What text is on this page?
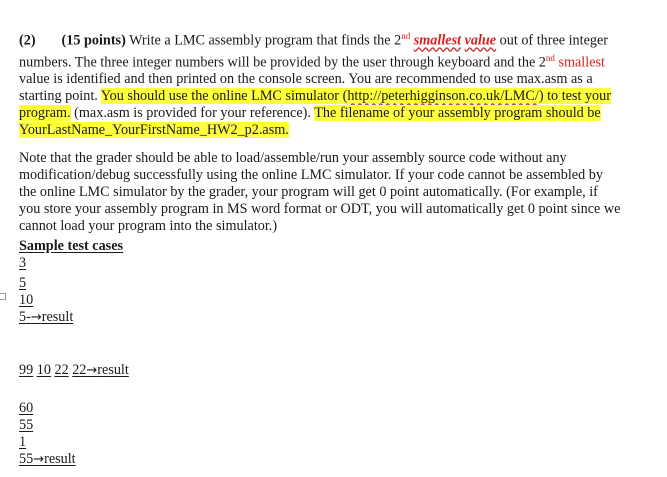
(2) (15 points) Write a LMC assembly program that finds the 2nd smallest value out of three integer
numbers. The three integer numbers will be provided by the user through keyboard and the 2nd smallest
value is identified and then printed on the console screen. You are recommended to use max.asm as a
starting point. You should use the online LMC simulator (http://peterhigginson.co.uk/LMC/) to test your
program. (max.asm is provided for your reference). The filename of your assembly program should be
YourLastName_YourFirstName_HW2_p2.asm.
Note that the grader should be able to load/assemble/run your assembly source code without any
modification/debug successfully using the online LMC simulator. If your code cannot be assembled by
the online LMC simulator by the grader, your program will get 0 point automatically. (For example, if
you store your assembly program in MS word format or ODT, you will automatically get 0 point since we
cannot load your program into the simulator.)
Sample test cases
3
5
10
5-→result
99 10 22 22→result
60
55
1
55→result
